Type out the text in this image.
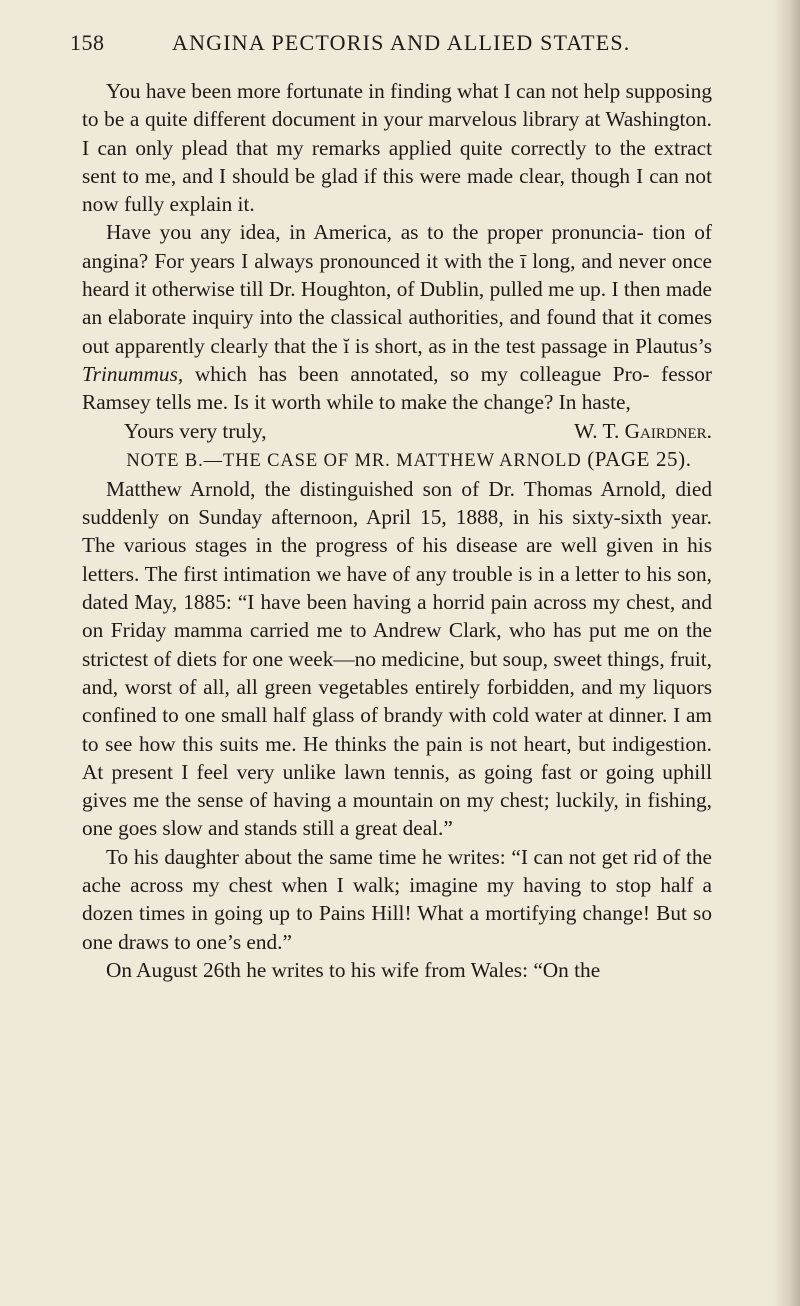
158	ANGINA PECTORIS AND ALLIED STATES.

You have been more fortunate in finding what I can not help supposing to be a quite different document in your marvelous library at Washington. I can only plead that my remarks applied quite correctly to the extract sent to me, and I should be glad if this were made clear, though I can not now fully explain it.

Have you any idea, in America, as to the proper pronuncia- tion of angina? For years I always pronounced it with the ī long, and never once heard it otherwise till Dr. Houghton, of Dublin, pulled me up. I then made an elaborate inquiry into the classical authorities, and found that it comes out apparently clearly that the ĭ is short, as in the test passage in Plautus’s Trinummus, which has been annotated, so my colleague Pro- fessor Ramsey tells me. Is it worth while to make the change? In haste,

Yours very truly,	W. T. Gairdner.

NOTE B.—THE CASE OF MR. MATTHEW ARNOLD (PAGE 25).

Matthew Arnold, the distinguished son of Dr. Thomas Arnold, died suddenly on Sunday afternoon, April 15, 1888, in his sixty-sixth year. The various stages in the progress of his disease are well given in his letters. The first intimation we have of any trouble is in a letter to his son, dated May, 1885: “I have been having a horrid pain across my chest, and on Friday mamma carried me to Andrew Clark, who has put me on the strictest of diets for one week—no medicine, but soup, sweet things, fruit, and, worst of all, all green vegetables entirely forbidden, and my liquors confined to one small half glass of brandy with cold water at dinner. I am to see how this suits me. He thinks the pain is not heart, but indigestion. At present I feel very unlike lawn tennis, as going fast or going uphill gives me the sense of having a mountain on my chest; luckily, in fishing, one goes slow and stands still a great deal.”

To his daughter about the same time he writes: “I can not get rid of the ache across my chest when I walk; imagine my having to stop half a dozen times in going up to Pains Hill! What a mortifying change! But so one draws to one’s end.”

On August 26th he writes to his wife from Wales: “On the
